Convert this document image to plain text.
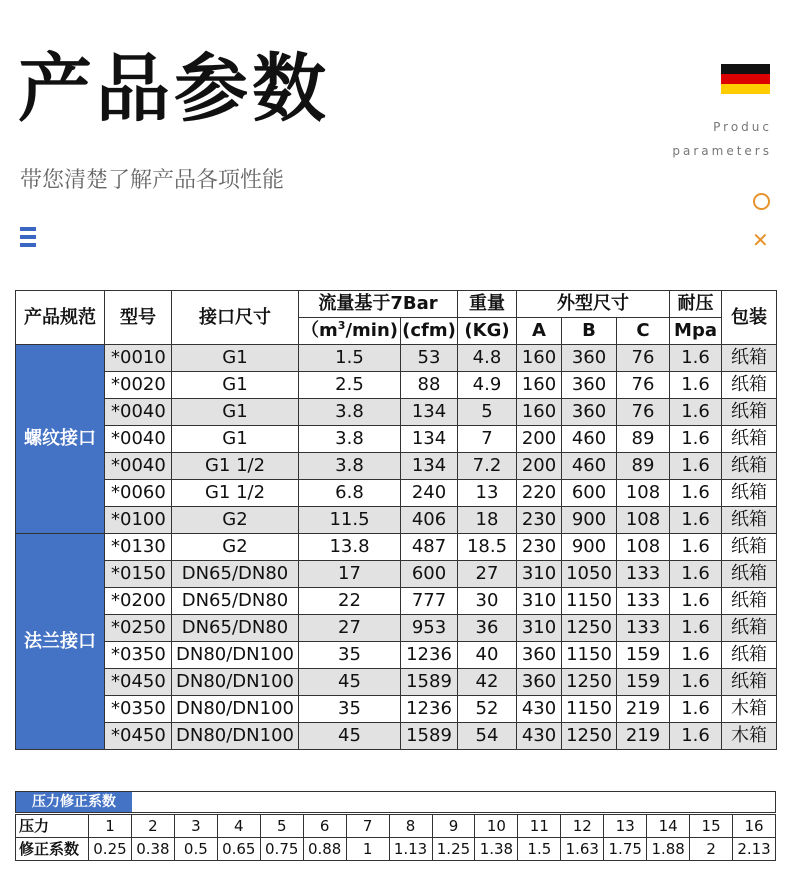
产品参数
带您清楚了解产品各项性能
Produc
parameters
✕
产品规范	型号	接口尺寸	流量基于7Bar		重量	外型尺寸			耐压	包装
			$(m^3/\min)$	(cfm)	(KG)	A	B	C	Mpa	
螺纹接口	*0010	G1	1.5	53	4.8	160	360	76	1.6	纸箱
	*0020	G1	2.5	88	4.9	160	360	76	1.6	纸箱
	*0040	G1	3.8	134	5	160	360	76	1.6	纸箱
	*0040	G1	3.8	134	7	200	460	89	1.6	纸箱
	*0040	G1 1/2	3.8	134	7.2	200	460	89	1.6	纸箱
	*0060	G1 1/2	6.8	240	13	220	600	108	1.6	纸箱
	*0100	G2	11.5	406	18	230	900	108	1.6	纸箱
法兰接口	*0130	G2	13.8	487	18.5	230	900	108	1.6	纸箱
	*0150	DN65/DN80	17	600	27	310	1050	133	1.6	纸箱
	*0200	DN65/DN80	22	777	30	310	1150	133	1.6	纸箱
	*0250	DN65/DN80	27	953	36	310	1250	133	1.6	纸箱
	*0350	DN80/DN100	35	1236	40	360	1150	159	1.6	纸箱
	*0450	DN80/DN100	45	1589	42	360	1250	159	1.6	纸箱
	*0350	DN80/DN100	35	1236	52	430	1150	219	1.6	木箱
	*0450	DN80/DN100	45	1589	54	430	1250	219	1.6	木箱
压力修正系数
压力	1	2	3	4	5	6	7	8	9	10	11	12	13	14	15	16
修正系数	0.25	0.38	0.5	0.65	0.75	0.88	1	1.13	1.25	1.38	1.5	1.63	1.75	1.88	2	2.13
